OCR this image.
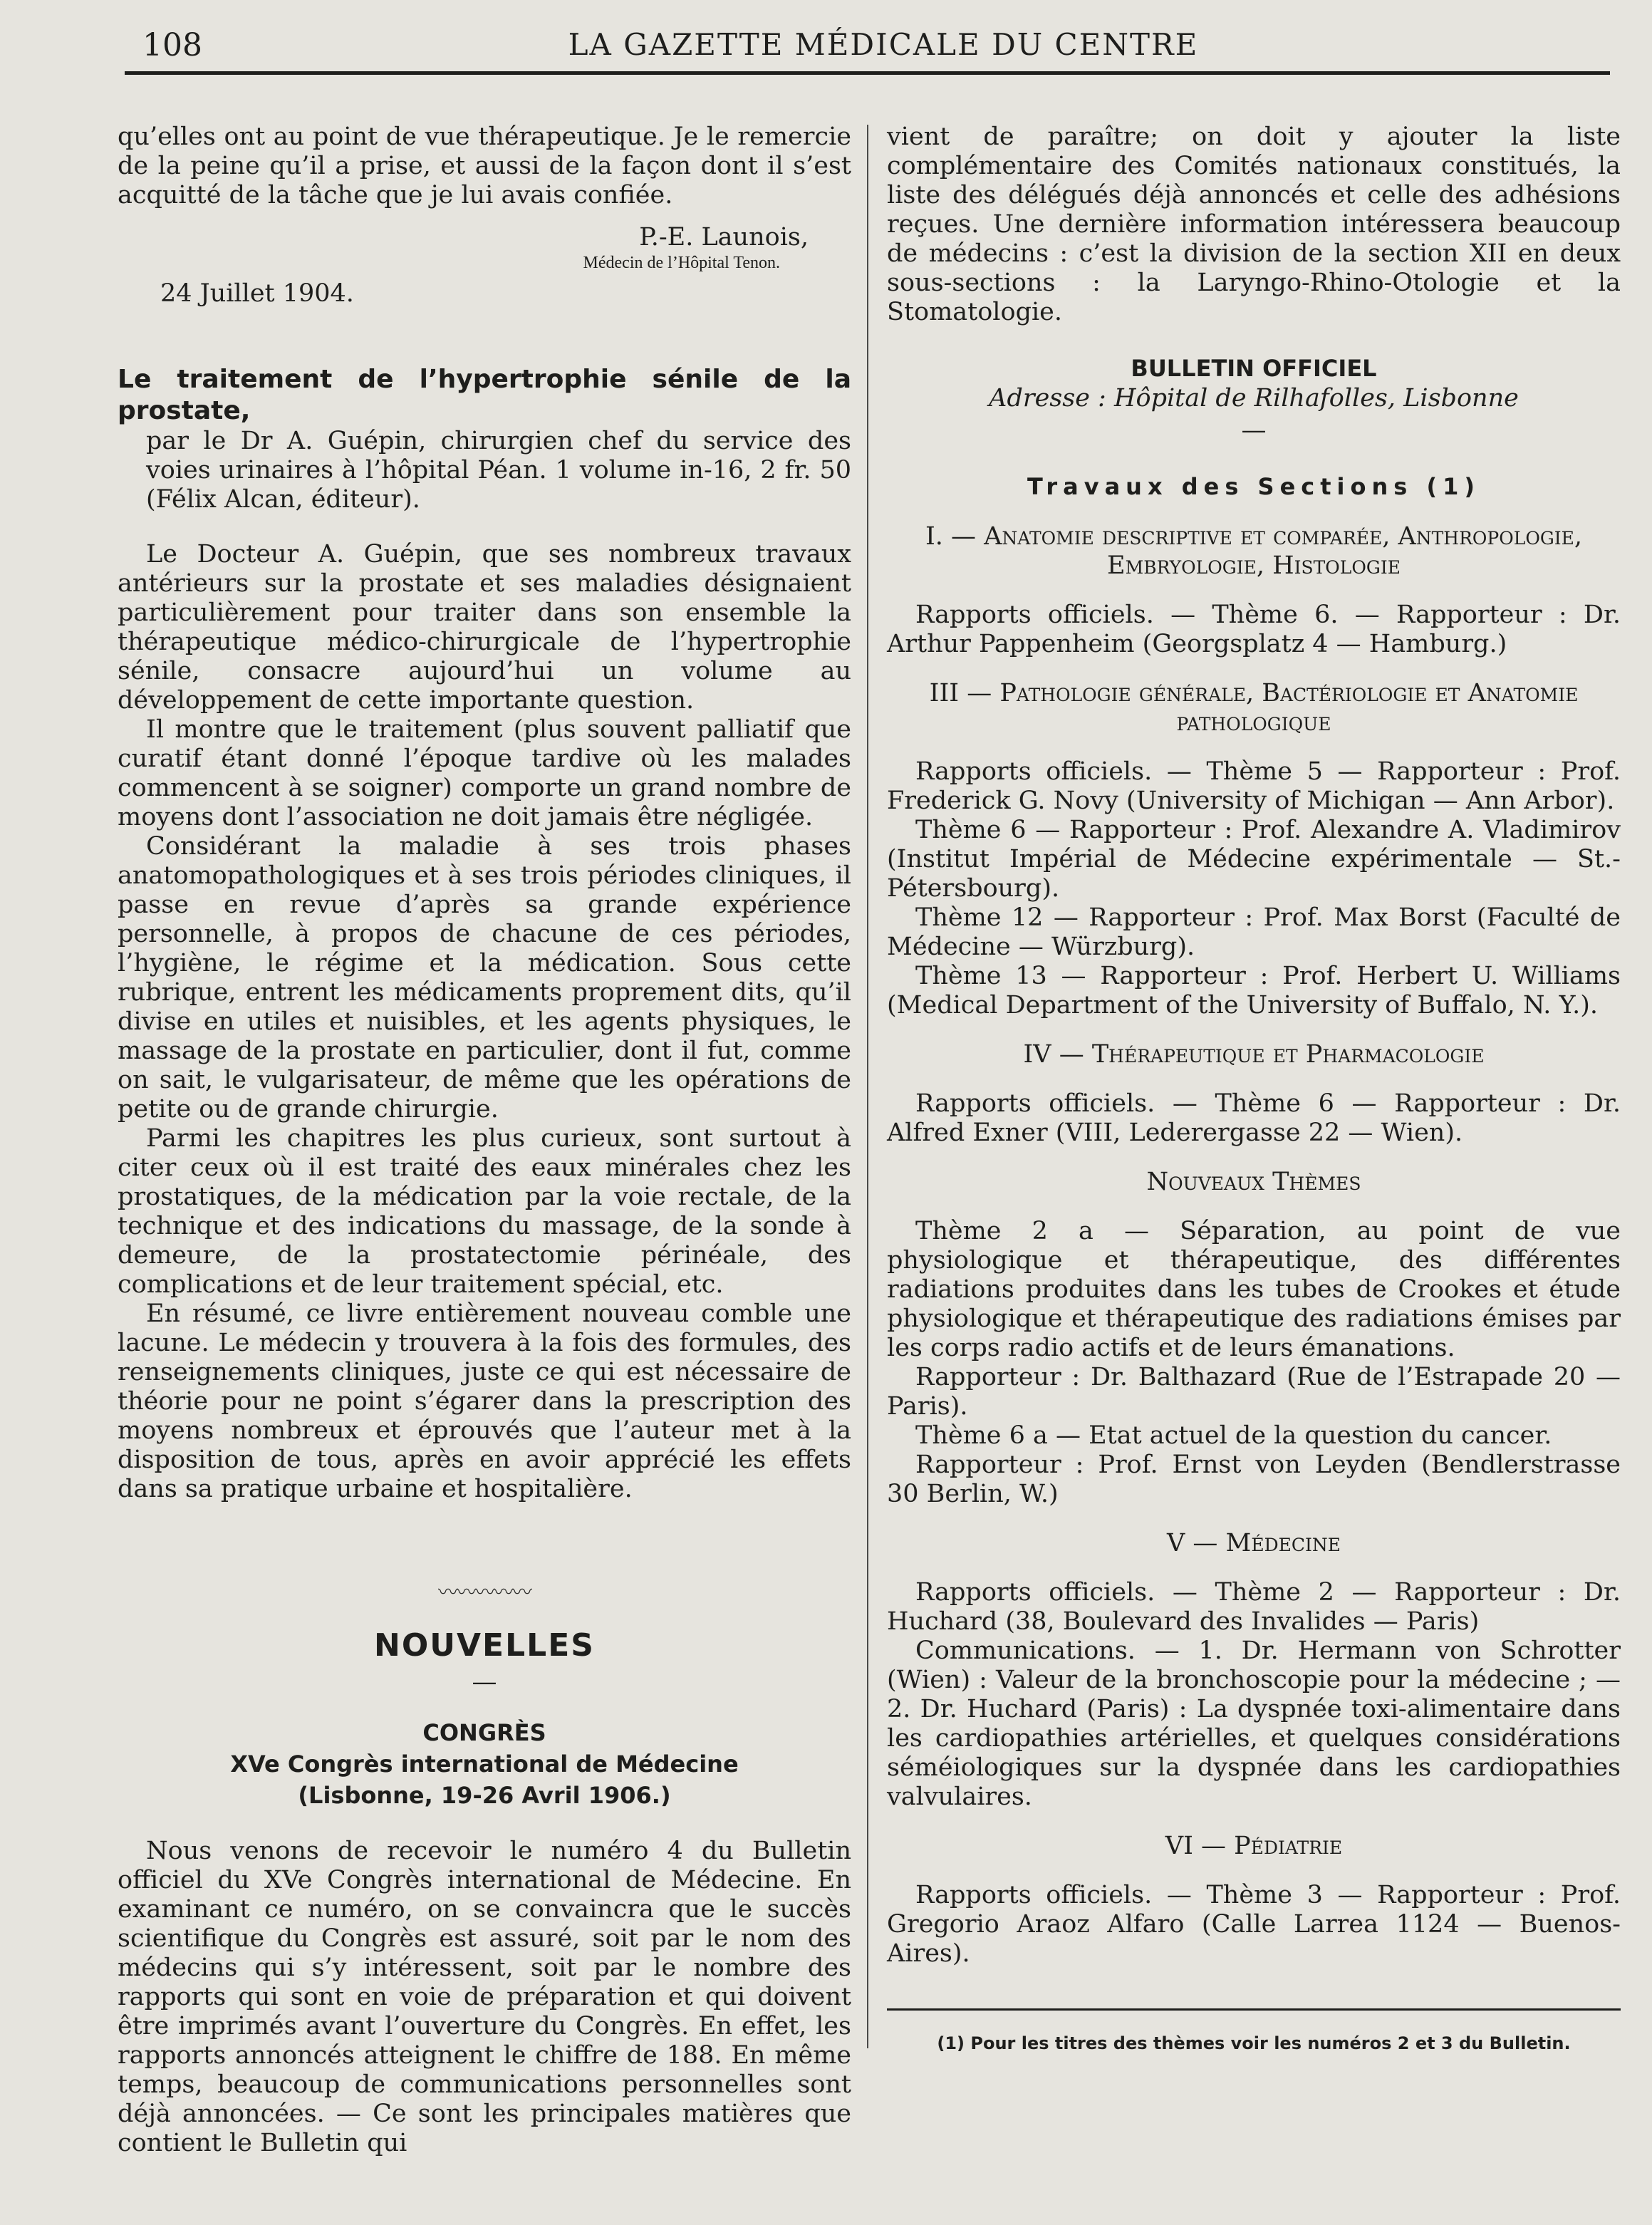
108	LA GAZETTE MÉDICALE DU CENTRE

qu’elles ont au point de vue thérapeutique. Je le remercie de la peine qu’il a prise, et aussi de la façon dont il s’est acquitté de la tâche que je lui avais confiée.

P.-E. Launois,

Médecin de l’Hôpital Tenon.

24 Juillet 1904.

Le traitement de l’hypertrophie sénile de la prostate,

par le Dr A. Guépin, chirurgien chef du service des voies urinaires à l’hôpital Péan. 1 volume in-16, 2 fr. 50 (Félix Alcan, éditeur).

Le Docteur A. Guépin, que ses nombreux travaux antérieurs sur la prostate et ses maladies désignaient particulièrement pour traiter dans son ensemble la thérapeutique médico-chirurgicale de l’hypertrophie sénile, consacre aujourd’hui un volume au développement de cette importante question.

Il montre que le traitement (plus souvent palliatif que curatif étant donné l’époque tardive où les malades commencent à se soigner) comporte un grand nombre de moyens dont l’association ne doit jamais être négligée.

Considérant la maladie à ses trois phases anatomopathologiques et à ses trois périodes cliniques, il passe en revue d’après sa grande expérience personnelle, à propos de chacune de ces périodes, l’hygiène, le régime et la médication. Sous cette rubrique, entrent les médicaments proprement dits, qu’il divise en utiles et nuisibles, et les agents physiques, le massage de la prostate en particulier, dont il fut, comme on sait, le vulgarisateur, de même que les opérations de petite ou de grande chirurgie.

Parmi les chapitres les plus curieux, sont surtout à citer ceux où il est traité des eaux minérales chez les prostatiques, de la médication par la voie rectale, de la technique et des indications du massage, de la sonde à demeure, de la prostatectomie périnéale, des complications et de leur traitement spécial, etc.

En résumé, ce livre entièrement nouveau comble une lacune. Le médecin y trouvera à la fois des formules, des renseignements cliniques, juste ce qui est nécessaire de théorie pour ne point s’égarer dans la prescription des moyens nombreux et éprouvés que l’auteur met à la disposition de tous, après en avoir apprécié les effets dans sa pratique urbaine et hospitalière.

〰〰〰〰〰
NOUVELLES
—
CONGRÈS
XVe Congrès international de Médecine
(Lisbonne, 19-26 Avril 1906.)

Nous venons de recevoir le numéro 4 du Bulletin officiel du XVe Congrès international de Médecine. En examinant ce numéro, on se convaincra que le succès scientifique du Congrès est assuré, soit par le nom des médecins qui s’y intéressent, soit par le nombre des rapports qui sont en voie de préparation et qui doivent être imprimés avant l’ouverture du Congrès. En effet, les rapports annoncés atteignent le chiffre de 188. En même temps, beaucoup de communications personnelles sont déjà annoncées. — Ce sont les principales matières que contient le Bulletin qui

vient de paraître; on doit y ajouter la liste complémentaire des Comités nationaux constitués, la liste des délégués déjà annoncés et celle des adhésions reçues. Une dernière information intéressera beaucoup de médecins : c’est la division de la section XII en deux sous-sections : la Laryngo-Rhino-Otologie et la Stomatologie.

BULLETIN OFFICIEL
Adresse : Hôpital de Rilhafolles, Lisbonne
—
Travaux des Sections (1)
I. — Anatomie descriptive et comparée, Anthropologie, Embryologie, Histologie

Rapports officiels. — Thème 6. — Rapporteur : Dr. Arthur Pappenheim (Georgsplatz 4 — Hamburg.)

III — Pathologie générale, Bactériologie et Anatomie pathologique

Rapports officiels. — Thème 5 — Rapporteur : Prof. Frederick G. Novy (University of Michigan — Ann Arbor).

Thème 6 — Rapporteur : Prof. Alexandre A. Vladimirov (Institut Impérial de Médecine expérimentale — St.-Pétersbourg).

Thème 12 — Rapporteur : Prof. Max Borst (Faculté de Médecine — Würzburg).

Thème 13 — Rapporteur : Prof. Herbert U. Williams (Medical Department of the University of Buffalo, N. Y.).

IV — Thérapeutique et Pharmacologie

Rapports officiels. — Thème 6 — Rapporteur : Dr. Alfred Exner (VIII, Lederergasse 22 — Wien).

Nouveaux Thèmes

Thème 2 a — Séparation, au point de vue physiologique et thérapeutique, des différentes radiations produites dans les tubes de Crookes et étude physiologique et thérapeutique des radiations émises par les corps radio actifs et de leurs émanations.

Rapporteur : Dr. Balthazard (Rue de l’Estrapade 20 — Paris).

Thème 6 a — Etat actuel de la question du cancer.

Rapporteur : Prof. Ernst von Leyden (Bendlerstrasse 30 Berlin, W.)

V — Médecine

Rapports officiels. — Thème 2 — Rapporteur : Dr. Huchard (38, Boulevard des Invalides — Paris)

Communications. — 1. Dr. Hermann von Schrotter (Wien) : Valeur de la bronchoscopie pour la médecine ; — 2. Dr. Huchard (Paris) : La dyspnée toxi-alimentaire dans les cardiopathies artérielles, et quelques considérations séméiologiques sur la dyspnée dans les cardiopathies valvulaires.

VI — Pédiatrie

Rapports officiels. — Thème 3 — Rapporteur : Prof. Gregorio Araoz Alfaro (Calle Larrea 1124 — Buenos-Aires).

(1) Pour les titres des thèmes voir les numéros 2 et 3 du Bulletin.
